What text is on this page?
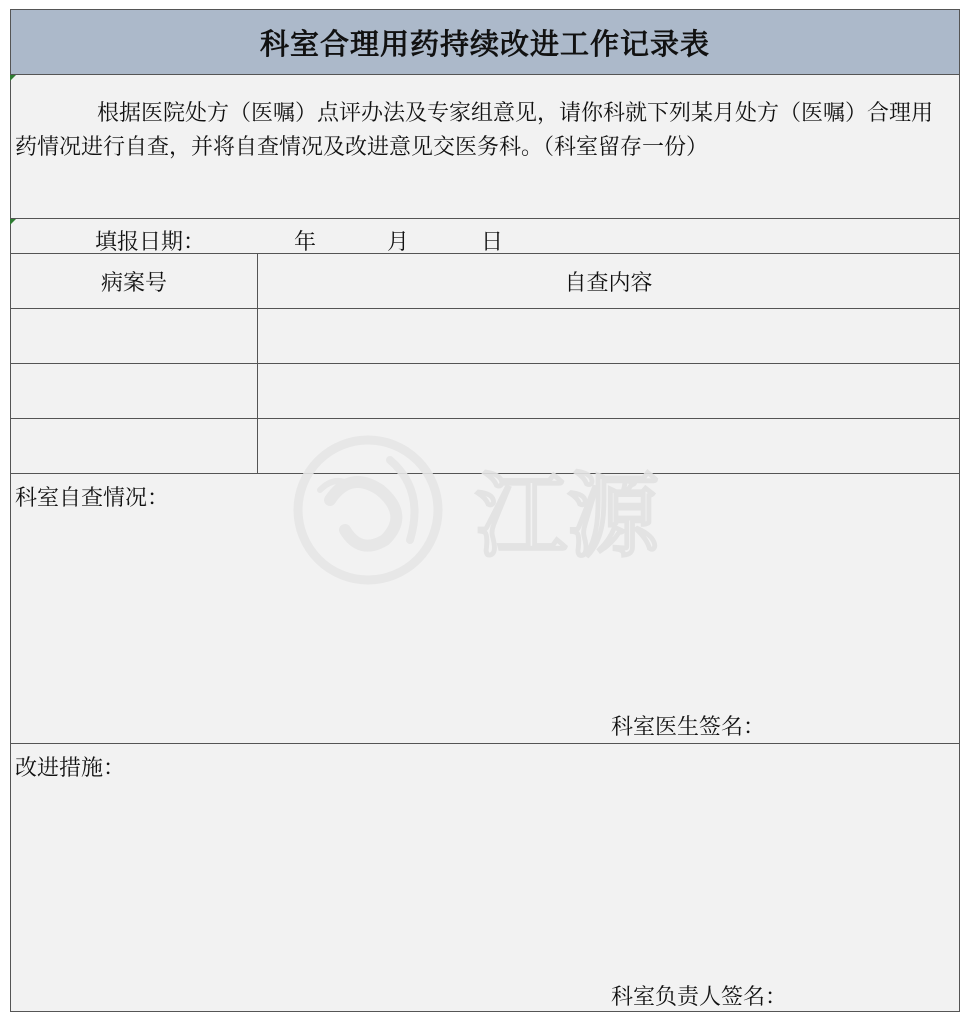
科室合理用药持续改进工作记录表
根据医院处方（医嘱）点评办法及专家组意见，请你科就下列某月处方（医嘱）合理用药情况进行自查，并将自查情况及改进意见交医务科。（科室留存一份）
填报日期：	年	月	日
病案号	自查内容
科室自查情况：
科室医生签名：
改进措施：
科室负责人签名：
江源
